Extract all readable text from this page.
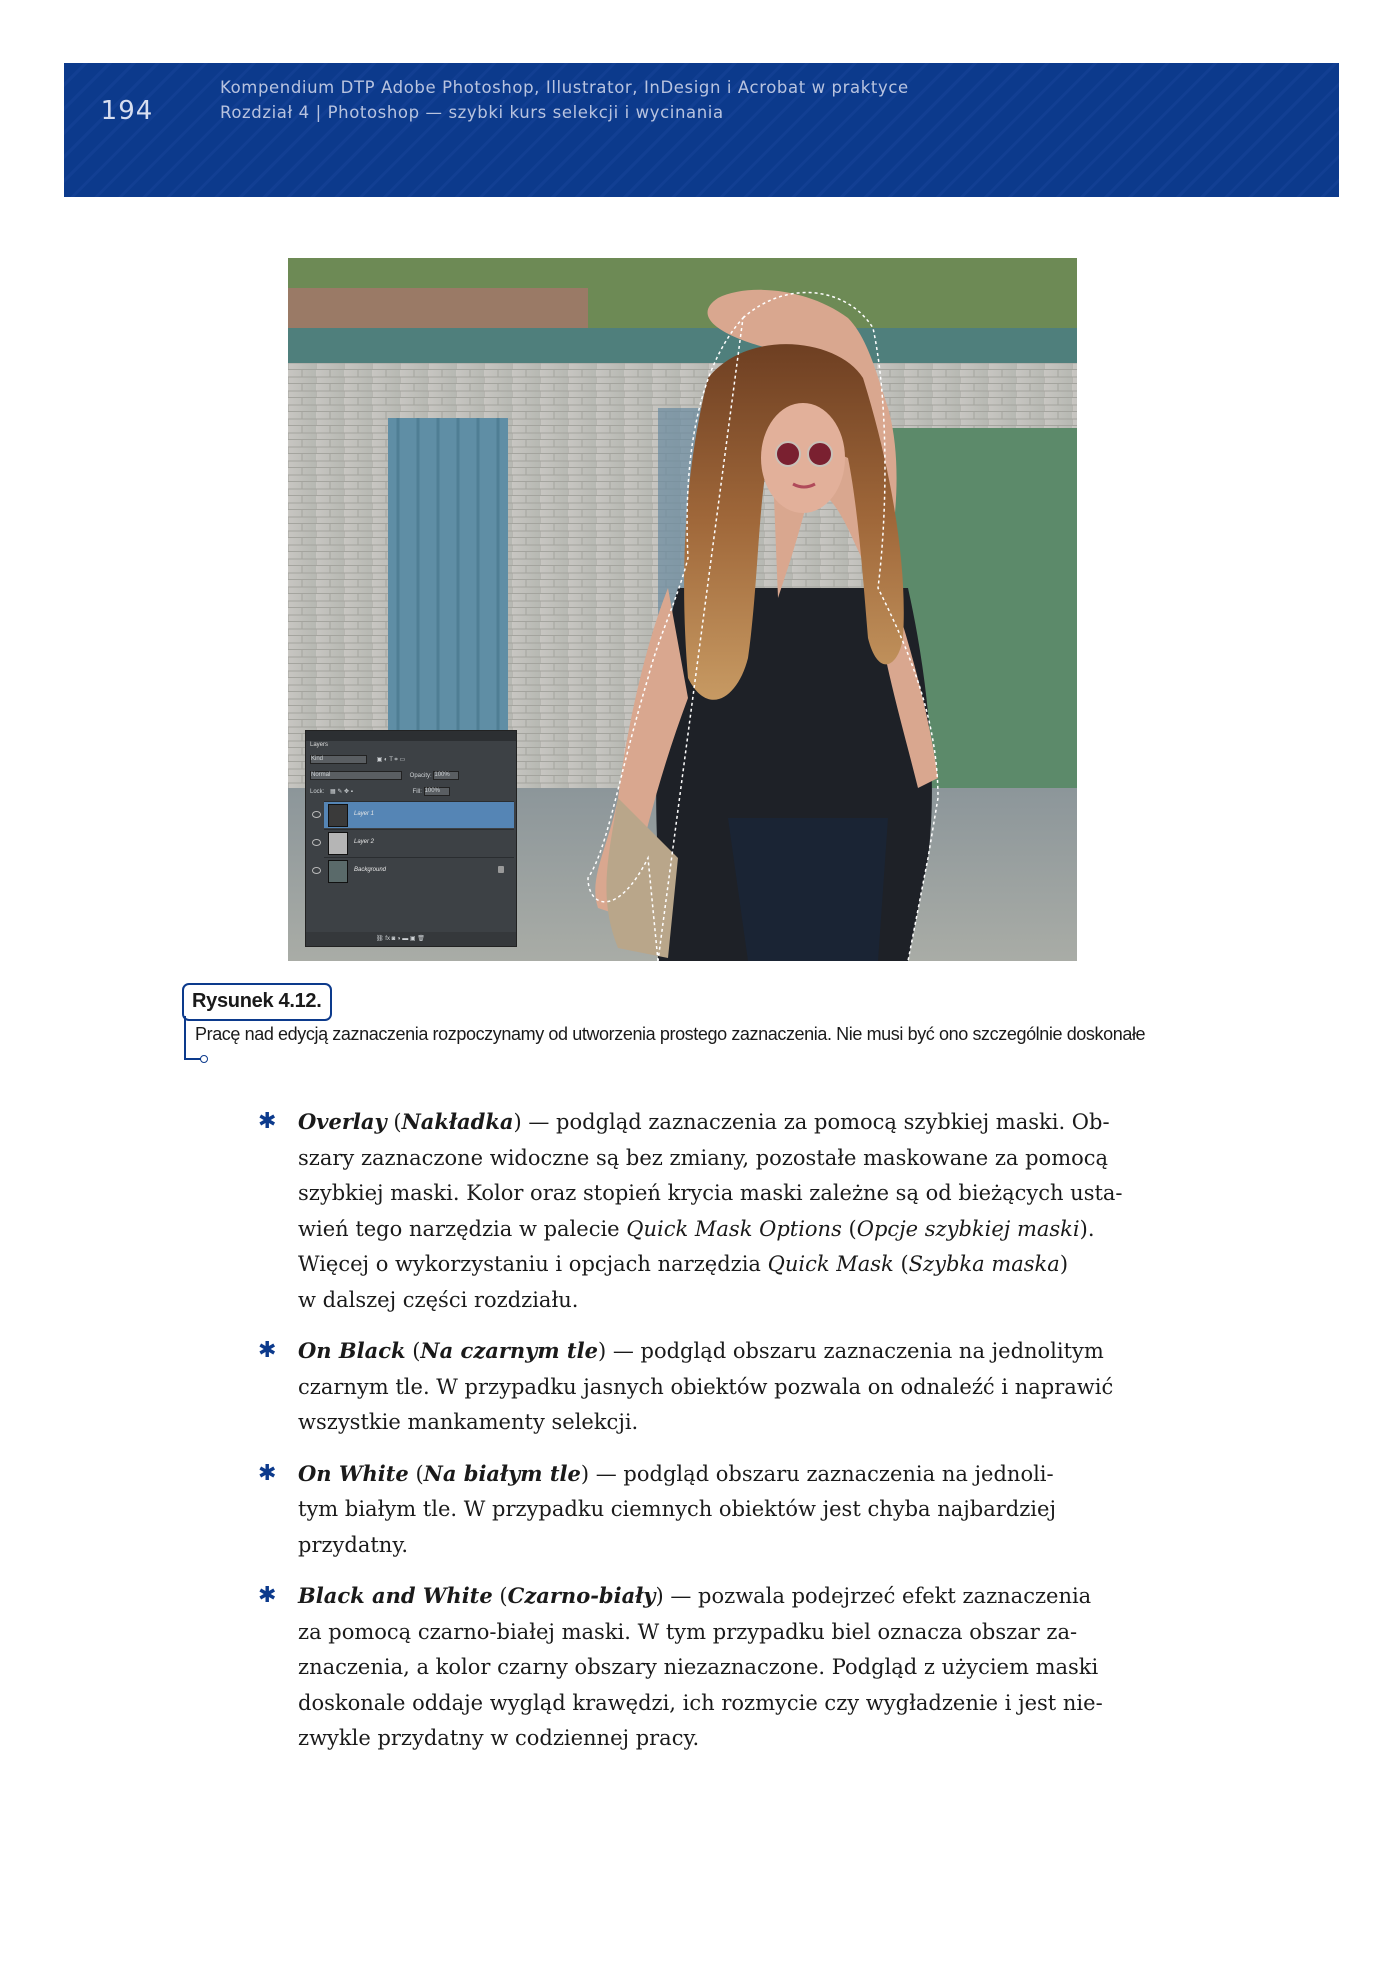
194
Kompendium DTP Adobe Photoshop, Illustrator, InDesign i Acrobat w praktyce
Rozdział 4 | Photoshop — szybki kurs selekcji i wycinania
Layers
Kind	▣ ◐ T ⌗ ▭
Normal	Opacity: 100%
Lock: ▦ ✎ ✥ ▪	Fill: 100%
Layer 1
Layer 2
Background
⛓ fx ◙ ◑ ▬ ▣ 🗑
Rysunek 4.12.
Pracę nad edycją zaznaczenia rozpoczynamy od utworzenia prostego zaznaczenia. Nie musi być ono szczególnie doskonałe
✱ Overlay (Nakładka) — podgląd zaznaczenia za pomocą szybkiej maski. Ob-
szary zaznaczone widoczne są bez zmiany, pozostałe maskowane za pomocą
szybkiej maski. Kolor oraz stopień krycia maski zależne są od bieżących usta-
wień tego narzędzia w palecie Quick Mask Options (Opcje szybkiej maski).
Więcej o wykorzystaniu i opcjach narzędzia Quick Mask (Szybka maska)
w dalszej części rozdziału.
✱ On Black (Na czarnym tle) — podgląd obszaru zaznaczenia na jednolitym
czarnym tle. W przypadku jasnych obiektów pozwala on odnaleźć i naprawić
wszystkie mankamenty selekcji.
✱ On White (Na białym tle) — podgląd obszaru zaznaczenia na jednoli-
tym białym tle. W przypadku ciemnych obiektów jest chyba najbardziej
przydatny.
✱ Black and White (Czarno-biały) — pozwala podejrzeć efekt zaznaczenia
za pomocą czarno-białej maski. W tym przypadku biel oznacza obszar za-
znaczenia, a kolor czarny obszary niezaznaczone. Podgląd z użyciem maski
doskonale oddaje wygląd krawędzi, ich rozmycie czy wygładzenie i jest nie-
zwykle przydatny w codziennej pracy.
